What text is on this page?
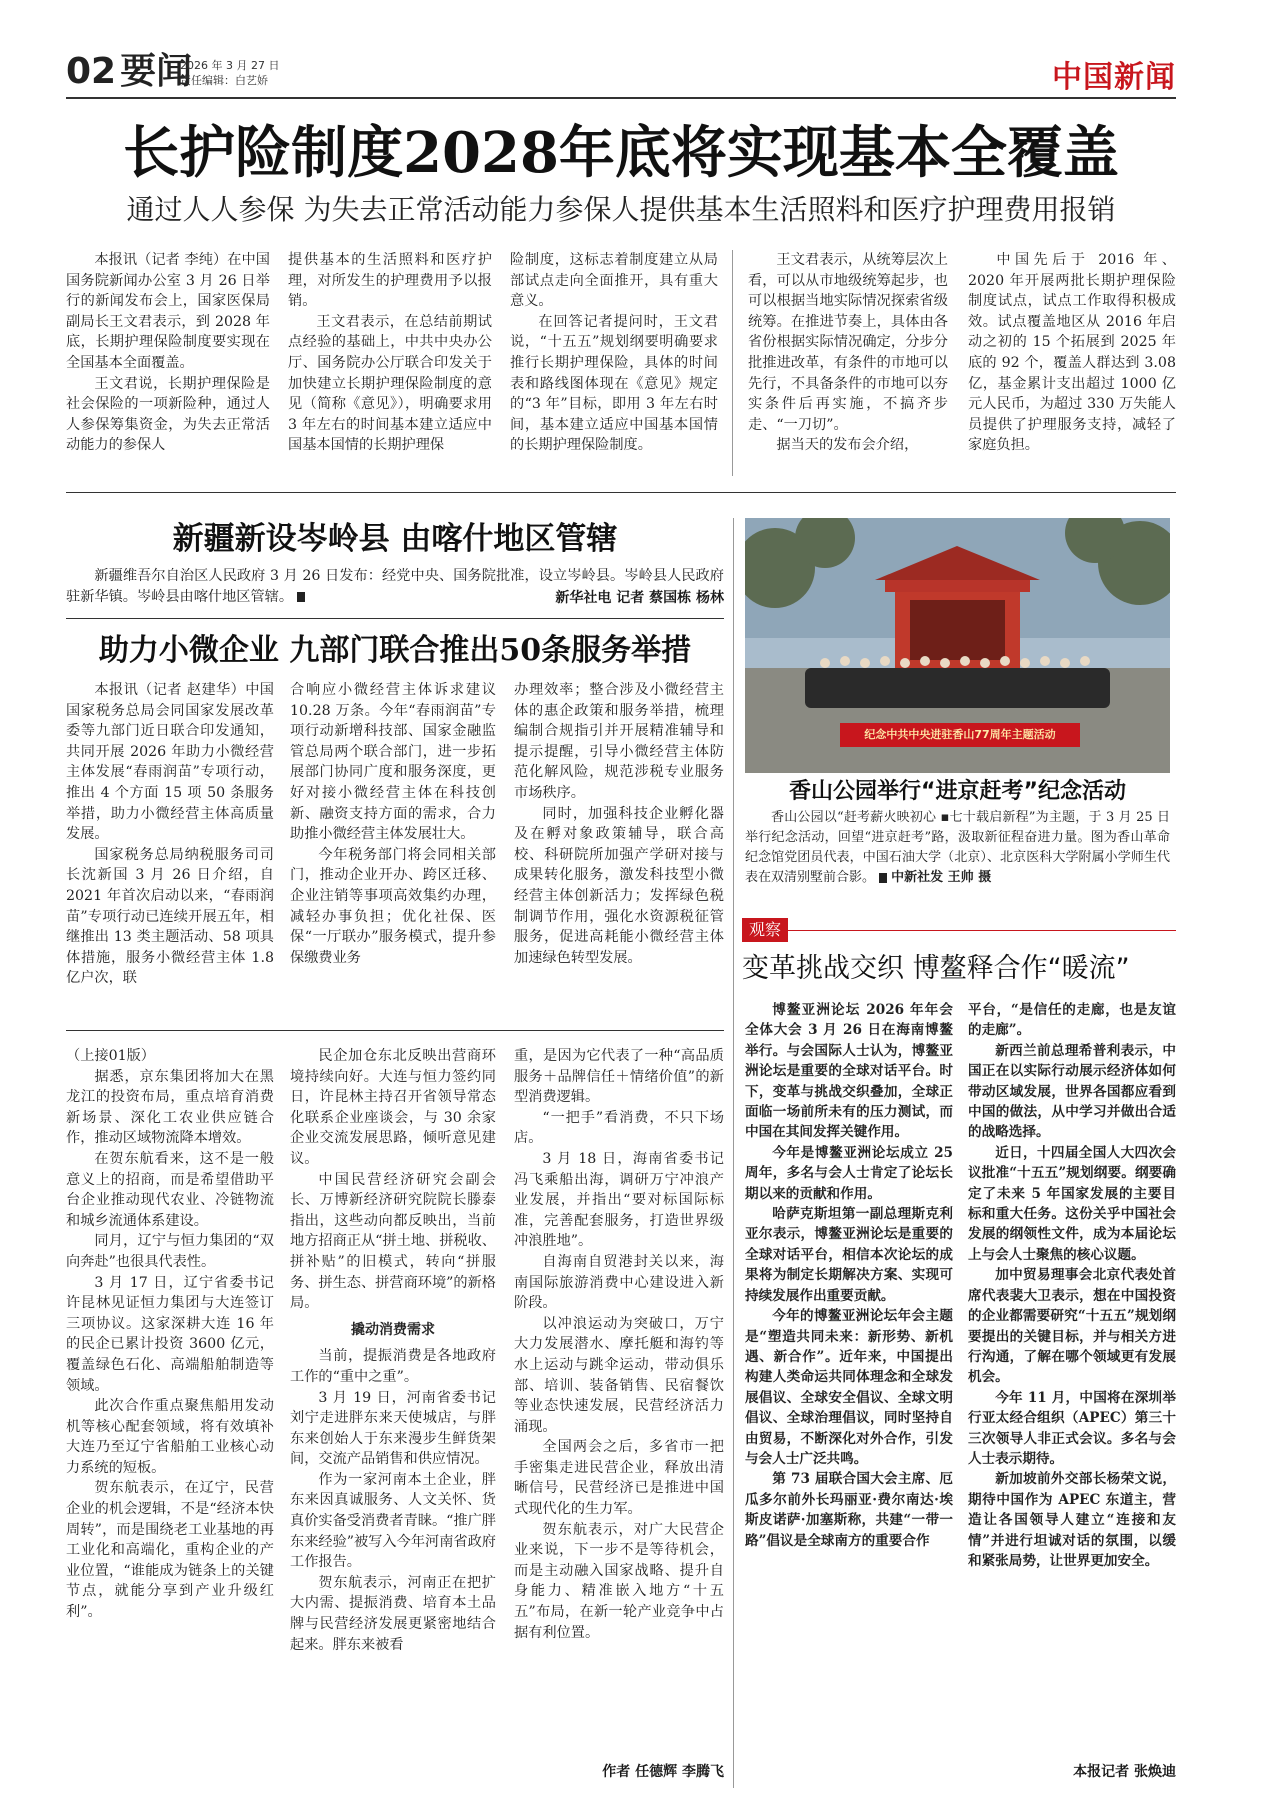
02 要闻
2026 年 3 月 27 日
责任编辑：白艺娇	中国新闻
长护险制度2028年底将实现基本全覆盖
通过人人参保 为失去正常活动能力参保人提供基本生活照料和医疗护理费用报销

本报讯（记者 李纯）在中国国务院新闻办公室 3 月 26 日举行的新闻发布会上，国家医保局副局长王文君表示，到 2028 年底，长期护理保险制度要实现在全国基本全面覆盖。

王文君说，长期护理保险是社会保险的一项新险种，通过人人参保筹集资金，为失去正常活动能力的参保人

提供基本的生活照料和医疗护理，对所发生的护理费用予以报销。

王文君表示，在总结前期试点经验的基础上，中共中央办公厅、国务院办公厅联合印发关于加快建立长期护理保险制度的意见（简称《意见》），明确要求用 3 年左右的时间基本建立适应中国基本国情的长期护理保

险制度，这标志着制度建立从局部试点走向全面推开，具有重大意义。

在回答记者提问时，王文君说，“十五五”规划纲要明确要求推行长期护理保险，具体的时间表和路线图体现在《意见》规定的“3 年”目标，即用 3 年左右时间，基本建立适应中国基本国情的长期护理保险制度。

王文君表示，从统筹层次上看，可以从市地级统筹起步，也可以根据当地实际情况探索省级统筹。在推进节奏上，具体由各省份根据实际情况确定，分步分批推进改革，有条件的市地可以先行，不具备条件的市地可以夯实条件后再实施，不搞齐步走、“一刀切”。

据当天的发布会介绍，

中国先后于 2016 年、2020 年开展两批长期护理保险制度试点，试点工作取得积极成效。试点覆盖地区从 2016 年启动之初的 15 个拓展到 2025 年底的 92 个，覆盖人群达到 3.08 亿，基金累计支出超过 1000 亿元人民币，为超过 330 万失能人员提供了护理服务支持，减轻了家庭负担。

新疆新设岑岭县 由喀什地区管辖

新疆维吾尔自治区人民政府 3 月 26 日发布：经党中央、国务院批准，设立岑岭县。岑岭县人民政府驻新华镇。岑岭县由喀什地区管辖。	新华社电 记者 蔡国栋 杨林
助力小微企业 九部门联合推出50条服务举措

本报讯（记者 赵建华）中国国家税务总局会同国家发展改革委等九部门近日联合印发通知，共同开展 2026 年助力小微经营主体发展“春雨润苗”专项行动，推出 4 个方面 15 项 50 条服务举措，助力小微经营主体高质量发展。

国家税务总局纳税服务司司长沈新国 3 月 26 日介绍，自 2021 年首次启动以来，“春雨润苗”专项行动已连续开展五年，相继推出 13 类主题活动、58 项具体措施，服务小微经营主体 1.8 亿户次，联

合响应小微经营主体诉求建议 10.28 万条。今年“春雨润苗”专项行动新增科技部、国家金融监管总局两个联合部门，进一步拓展部门协同广度和服务深度，更好对接小微经营主体在科技创新、融资支持方面的需求，合力助推小微经营主体发展壮大。

今年税务部门将会同相关部门，推动企业开办、跨区迁移、企业注销等事项高效集约办理，减轻办事负担；优化社保、医保“一厅联办”服务模式，提升参保缴费业务

办理效率；整合涉及小微经营主体的惠企政策和服务举措，梳理编制合规指引并开展精准辅导和提示提醒，引导小微经营主体防范化解风险，规范涉税专业服务市场秩序。

同时，加强科技企业孵化器及在孵对象政策辅导，联合高校、科研院所加强产学研对接与成果转化服务，激发科技型小微经营主体创新活力；发挥绿色税制调节作用，强化水资源税征管服务，促进高耗能小微经营主体加速绿色转型发展。

纪念中共中央进驻香山77周年主题活动
香山公园举行“进京赶考”纪念活动

香山公园以“赶考薪火映初心 ▪七十载启新程”为主题，于 3 月 25 日举行纪念活动，回望“进京赶考”路，汲取新征程奋进力量。图为香山革命纪念馆党团员代表，中国石油大学（北京）、北京医科大学附属小学师生代表在双清别墅前合影。 中新社发 王帅 摄

观察
变革挑战交织 博鳌释合作“暖流”

博鳌亚洲论坛 2026 年年会全体大会 3 月 26 日在海南博鳌举行。与会国际人士认为，博鳌亚洲论坛是重要的全球对话平台。时下，变革与挑战交织叠加，全球正面临一场前所未有的压力测试，而中国在其间发挥关键作用。

今年是博鳌亚洲论坛成立 25 周年，多名与会人士肯定了论坛长期以来的贡献和作用。

哈萨克斯坦第一副总理斯克利亚尔表示，博鳌亚洲论坛是重要的全球对话平台，相信本次论坛的成果将为制定长期解决方案、实现可持续发展作出重要贡献。

今年的博鳌亚洲论坛年会主题是“塑造共同未来：新形势、新机遇、新合作”。近年来，中国提出构建人类命运共同体理念和全球发展倡议、全球安全倡议、全球文明倡议、全球治理倡议，同时坚持自由贸易，不断深化对外合作，引发与会人士广泛共鸣。

第 73 届联合国大会主席、厄瓜多尔前外长玛丽亚·费尔南达·埃斯皮诺萨·加塞斯称，共建“一带一路”倡议是全球南方的重要合作

平台，“是信任的走廊，也是友谊的走廊”。

新西兰前总理希普利表示，中国正在以实际行动展示经济体如何带动区域发展，世界各国都应看到中国的做法，从中学习并做出合适的战略选择。

近日，十四届全国人大四次会议批准“十五五”规划纲要。纲要确定了未来 5 年国家发展的主要目标和重大任务。这份关乎中国社会发展的纲领性文件，成为本届论坛上与会人士聚焦的核心议题。

加中贸易理事会北京代表处首席代表裴大卫表示，想在中国投资的企业都需要研究“十五五”规划纲要提出的关键目标，并与相关方进行沟通，了解在哪个领域更有发展机会。

今年 11 月，中国将在深圳举行亚太经合组织（APEC）第三十三次领导人非正式会议。多名与会人士表示期待。

新加坡前外交部长杨荣文说，期待中国作为 APEC 东道主，营造让各国领导人建立“连接和友情”并进行坦诚对话的氛围，以缓和紧张局势，让世界更加安全。

本报记者 张焕迪

（上接01版）

据悉，京东集团将加大在黑龙江的投资布局，重点培育消费新场景、深化工农业供应链合作，推动区域物流降本增效。

在贺东航看来，这不是一般意义上的招商，而是希望借助平台企业推动现代农业、冷链物流和城乡流通体系建设。

同月，辽宁与恒力集团的“双向奔赴”也很具代表性。

3 月 17 日，辽宁省委书记许昆林见证恒力集团与大连签订三项协议。这家深耕大连 16 年的民企已累计投资 3600 亿元，覆盖绿色石化、高端船舶制造等领域。

此次合作重点聚焦船用发动机等核心配套领域，将有效填补大连乃至辽宁省船舶工业核心动力系统的短板。

贺东航表示，在辽宁，民营企业的机会逻辑，不是“经济本快周转”，而是围绕老工业基地的再工业化和高端化，重构企业的产业位置，“谁能成为链条上的关键节点，就能分享到产业升级红利”。

民企加仓东北反映出营商环境持续向好。大连与恒力签约同日，许昆林主持召开省领导常态化联系企业座谈会，与 30 余家企业交流发展思路，倾听意见建议。

中国民营经济研究会副会长、万博新经济研究院院长滕泰指出，这些动向都反映出，当前地方招商正从“拼土地、拼税收、拼补贴”的旧模式，转向“拼服务、拼生态、拼营商环境”的新格局。

撬动消费需求

当前，提振消费是各地政府工作的“重中之重”。

3 月 19 日，河南省委书记刘宁走进胖东来天使城店，与胖东来创始人于东来漫步生鲜货架间，交流产品销售和供应情况。

作为一家河南本土企业，胖东来因真诚服务、人文关怀、货真价实备受消费者青睐。“推广胖东来经验”被写入今年河南省政府工作报告。

贺东航表示，河南正在把扩大内需、提振消费、培育本土品牌与民营经济发展更紧密地结合起来。胖东来被看

重，是因为它代表了一种“高品质服务＋品牌信任＋情绪价值”的新型消费逻辑。

“一把手”看消费，不只下场店。

3 月 18 日，海南省委书记冯飞乘船出海，调研万宁冲浪产业发展，并指出“要对标国际标准，完善配套服务，打造世界级冲浪胜地”。

自海南自贸港封关以来，海南国际旅游消费中心建设进入新阶段。

以冲浪运动为突破口，万宁大力发展潜水、摩托艇和海钓等水上运动与跳伞运动，带动俱乐部、培训、装备销售、民宿餐饮等业态快速发展，民营经济活力涌现。

全国两会之后，多省市一把手密集走进民营企业，释放出清晰信号，民营经济已是推进中国式现代化的生力军。

贺东航表示，对广大民营企业来说，下一步不是等待机会，而是主动融入国家战略、提升自身能力、精准嵌入地方“十五五”布局，在新一轮产业竞争中占据有利位置。

作者 任德辉 李腾飞
